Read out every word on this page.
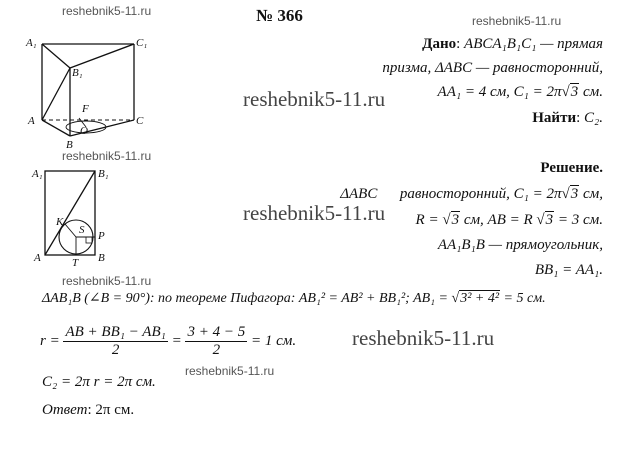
reshebnik5-11.ru
reshebnik5-11.ru
reshebnik5-11.ru
reshebnik5-11.ru
reshebnik5-11.ru
reshebnik5-11.ru
reshebnik5-11.ru
reshebnik5-11.ru
№ 366
A₁	C₁
B₁
F
A	C
O
B
A₁	B₁
K
S P
A	T B
Дано: ABCA₁B₁C₁ — прямая
призма, ΔABC — равносторонний,
AA₁ = 4 см, C₁ = 2π√3 см.
Найти: C₂.
Решение.
ΔABC равносторонний, C₁ = 2π√3 см,
R = √3 см, AB = R √3 = 3 см.
AA₁B₁B — прямоугольник,
BB₁ = AA₁.
ΔAB₁B (∠B = 90°): по теореме Пифагора: AB₁² = AB² + BB₁²; AB₁ = √3² + 4² = 5 см.
$r = \frac{\text{AB + BB₁ − AB₁}}{2} = \frac{3 + 4 - 5}{2} = 1$ см.
C₂ = 2π r = 2π см.
Ответ: 2π см.
